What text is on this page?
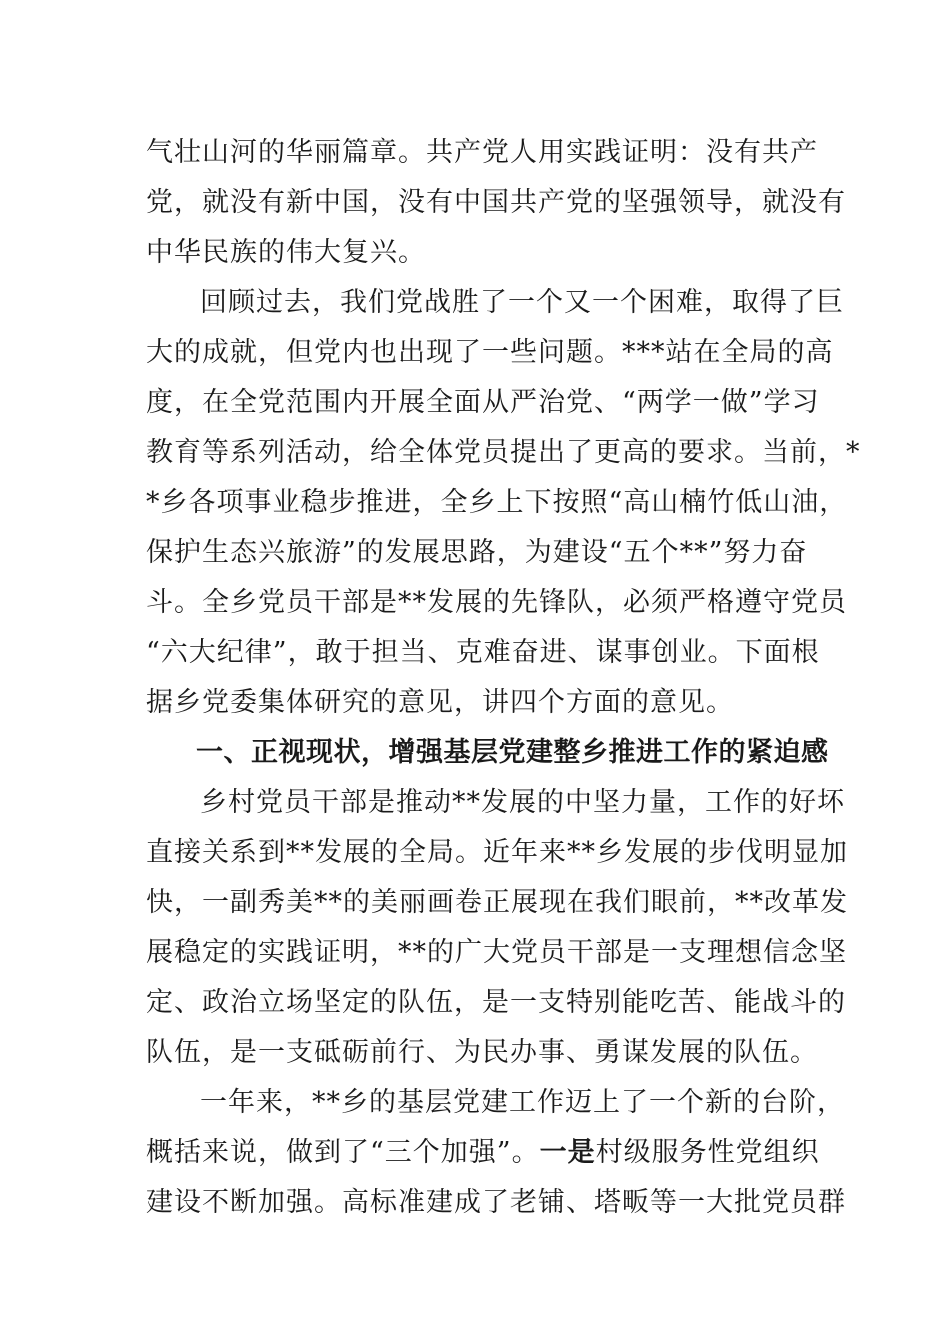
气壮山河的华丽篇章。共产党人用实践证明：没有共产
党，就没有新中国，没有中国共产党的坚强领导，就没有
中华民族的伟大复兴。
回顾过去，我们党战胜了一个又一个困难，取得了巨
大的成就，但党内也出现了一些问题。***站在全局的高
度，在全党范围内开展全面从严治党、“两学一做”学习
教育等系列活动，给全体党员提出了更高的要求。当前，*
*乡各项事业稳步推进，全乡上下按照“高山楠竹低山油，
保护生态兴旅游”的发展思路，为建设“五个**”努力奋
斗。全乡党员干部是**发展的先锋队，必须严格遵守党员
“六大纪律”，敢于担当、克难奋进、谋事创业。下面根
据乡党委集体研究的意见，讲四个方面的意见。
一、正视现状，增强基层党建整乡推进工作的紧迫感
乡村党员干部是推动**发展的中坚力量，工作的好坏
直接关系到**发展的全局。近年来**乡发展的步伐明显加
快，一副秀美**的美丽画卷正展现在我们眼前，**改革发
展稳定的实践证明，**的广大党员干部是一支理想信念坚
定、政治立场坚定的队伍，是一支特别能吃苦、能战斗的
队伍，是一支砥砺前行、为民办事、勇谋发展的队伍。
一年来，**乡的基层党建工作迈上了一个新的台阶，
概括来说，做到了“三个加强”。一是村级服务性党组织
建设不断加强。高标准建成了老铺、塔畈等一大批党员群
